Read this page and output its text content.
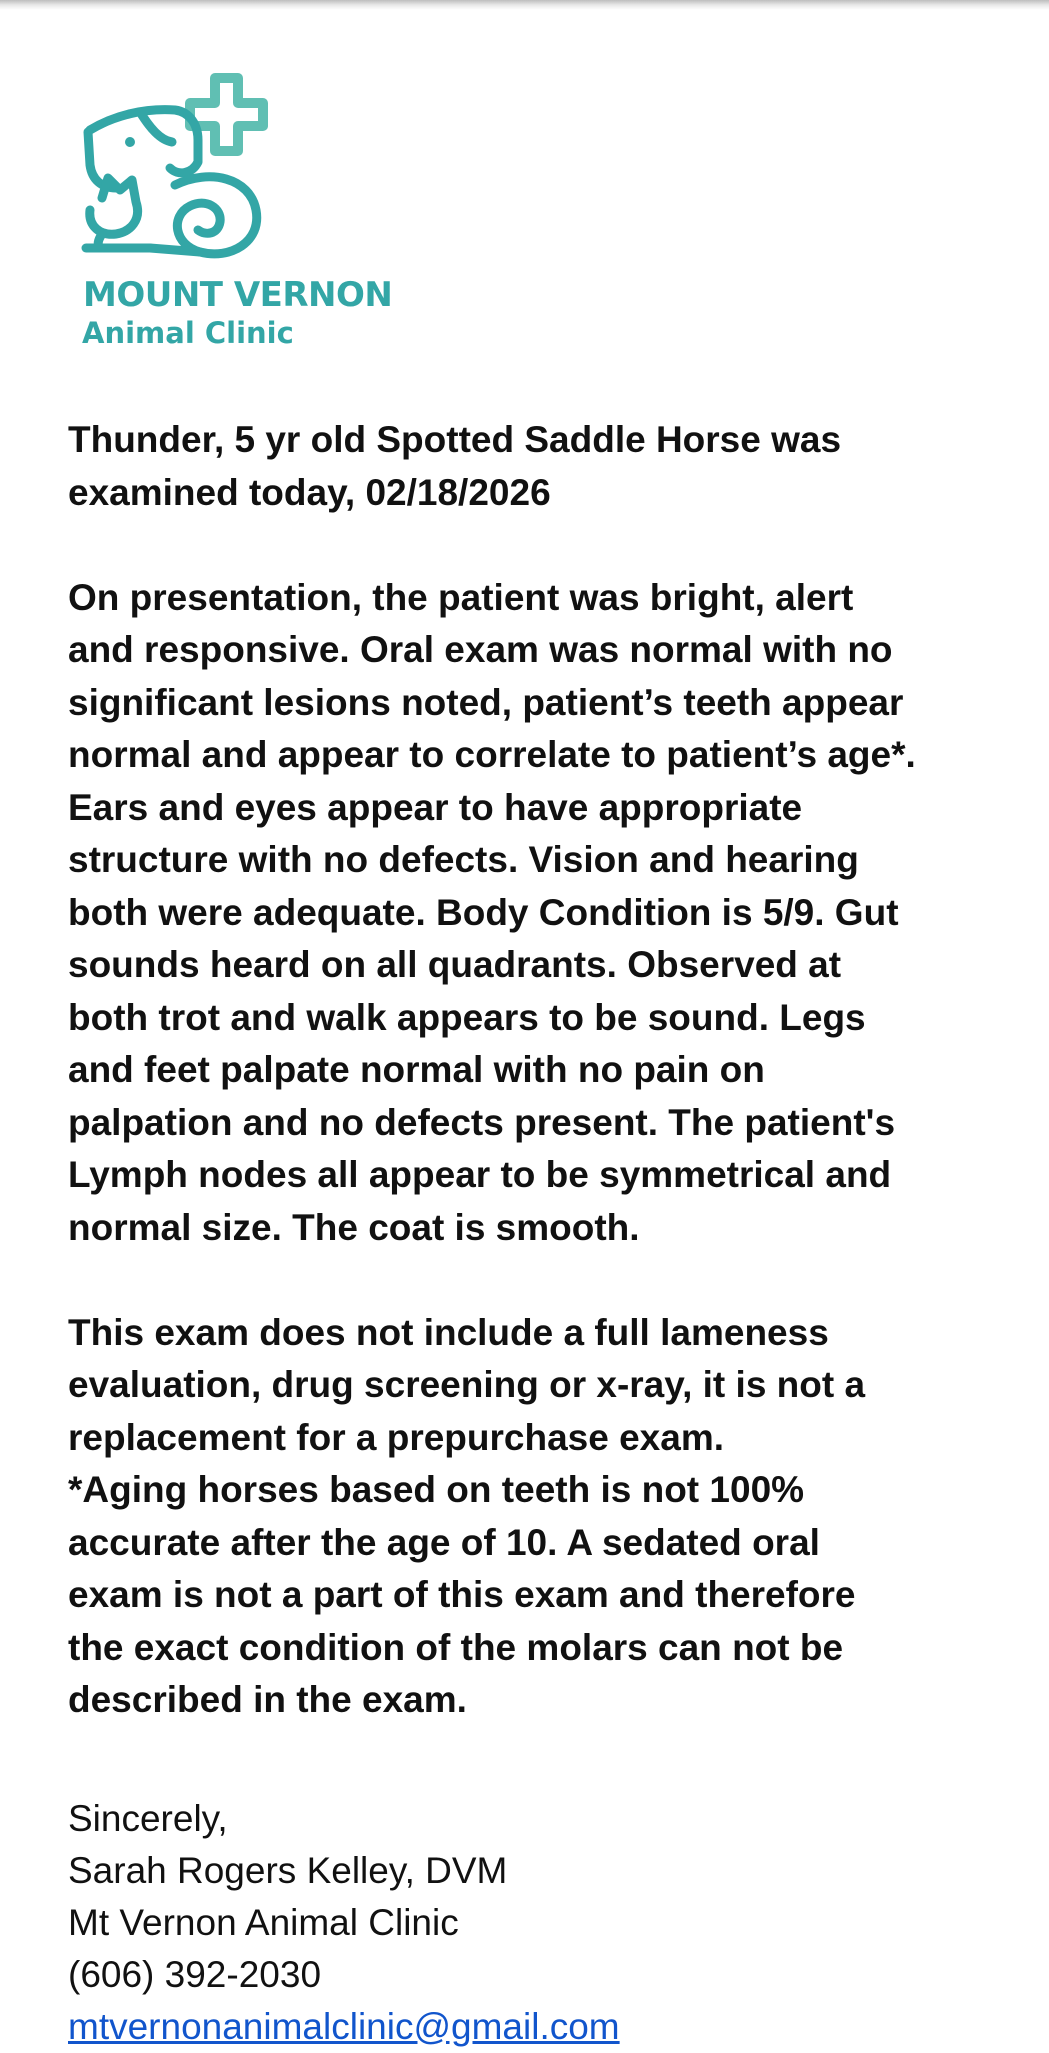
MOUNT VERNON
Animal Clinic
Thunder, 5 yr old Spotted Saddle Horse was
examined today, 02/18/2026
On presentation, the patient was bright, alert
and responsive. Oral exam was normal with no
significant lesions noted, patient’s teeth appear
normal and appear to correlate to patient’s age*.
Ears and eyes appear to have appropriate
structure with no defects. Vision and hearing
both were adequate. Body Condition is 5/9. Gut
sounds heard on all quadrants. Observed at
both trot and walk appears to be sound. Legs
and feet palpate normal with no pain on
palpation and no defects present. The patient's
Lymph nodes all appear to be symmetrical and
normal size. The coat is smooth.
This exam does not include a full lameness
evaluation, drug screening or x-ray, it is not a
replacement for a prepurchase exam.
*Aging horses based on teeth is not 100%
accurate after the age of 10. A sedated oral
exam is not a part of this exam and therefore
the exact condition of the molars can not be
described in the exam.
Sincerely,
Sarah Rogers Kelley, DVM
Mt Vernon Animal Clinic
(606) 392-2030
mtvernonanimalclinic@gmail.com
